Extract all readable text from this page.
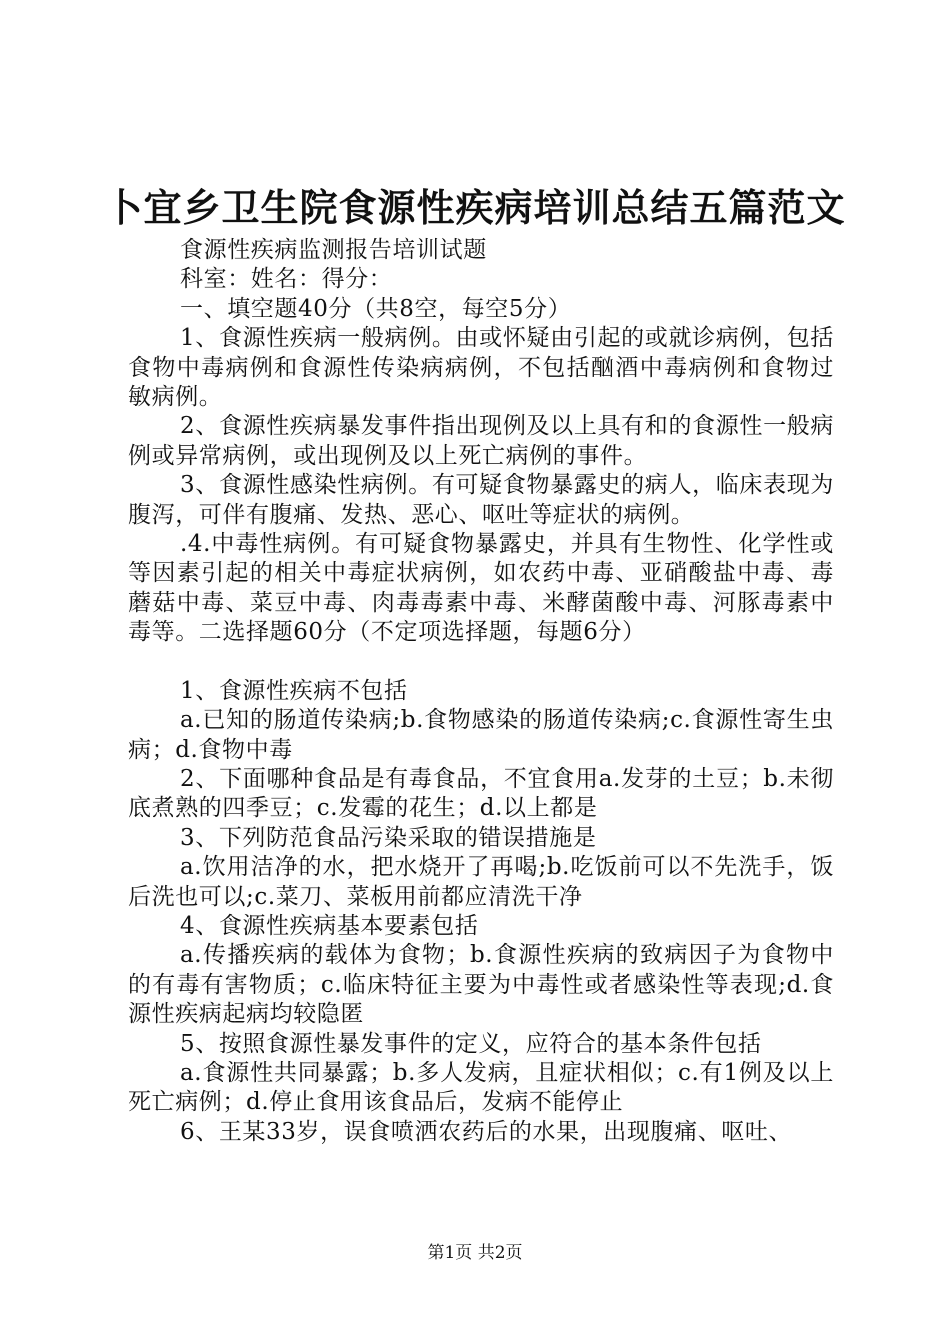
卜宜乡卫生院食源性疾病培训总结五篇范文

食源性疾病监测报告培训试题

科室：姓名：得分：

一、填空题40分（共8空，每空5分）

1、食源性疾病一般病例。由或怀疑由引起的或就诊病例，包括食物中毒病例和食源性传染病病例，不包括酗酒中毒病例和食物过敏病例。

2、食源性疾病暴发事件指出现例及以上具有和的食源性一般病例或异常病例，或出现例及以上死亡病例的事件。

3、食源性感染性病例。有可疑食物暴露史的病人，临床表现为腹泻，可伴有腹痛、发热、恶心、呕吐等症状的病例。

.4.中毒性病例。有可疑食物暴露史，并具有生物性、化学性或等因素引起的相关中毒症状病例，如农药中毒、亚硝酸盐中毒、毒蘑菇中毒、菜豆中毒、肉毒毒素中毒、米酵菌酸中毒、河豚毒素中毒等。二选择题60分（不定项选择题，每题6分）

1、食源性疾病不包括

a.已知的肠道传染病;b.食物感染的肠道传染病;c.食源性寄生虫病；d.食物中毒

2、下面哪种食品是有毒食品，不宜食用a.发芽的土豆；b.未彻底煮熟的四季豆；c.发霉的花生；d.以上都是

3、下列防范食品污染采取的错误措施是

a.饮用洁净的水，把水烧开了再喝;b.吃饭前可以不先洗手，饭后洗也可以;c.菜刀、菜板用前都应清洗干净

4、食源性疾病基本要素包括

a.传播疾病的载体为食物；b.食源性疾病的致病因子为食物中的有毒有害物质；c.临床特征主要为中毒性或者感染性等表现;d.食源性疾病起病均较隐匿

5、按照食源性暴发事件的定义，应符合的基本条件包括

a.食源性共同暴露；b.多人发病，且症状相似；c.有1例及以上死亡病例；d.停止食用该食品后，发病不能停止

6、王某33岁，误食喷洒农药后的水果，出现腹痛、呕吐、

第1页 共2页
